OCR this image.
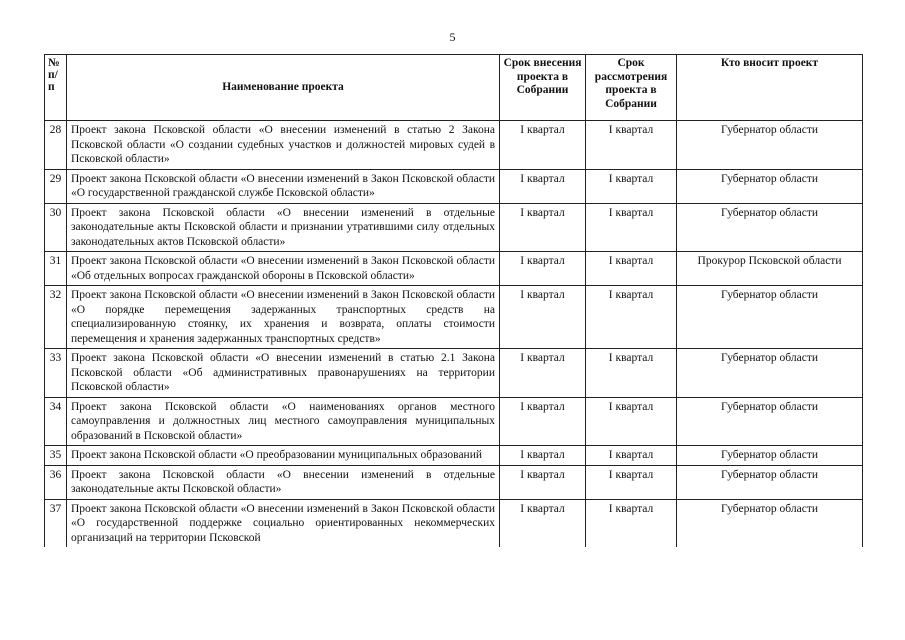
5
№ п/п	Наименование проекта	Срок внесения проекта в Собрании	Срок рассмотрения проекта в Собрании	Кто вносит проект
28	Проект закона Псковской области «О внесении изменений в статью 2 Закона Псковской области «О создании судебных участков и должностей мировых судей в Псковской области»	I квартал	I квартал	Губернатор области
29	Проект закона Псковской области «О внесении изменений в Закон Псковской области «О государственной гражданской службе Псковской области»	I квартал	I квартал	Губернатор области
30	Проект закона Псковской области «О внесении изменений в отдельные законодательные акты Псковской области и признании утратившими силу отдельных законодательных актов Псковской области»	I квартал	I квартал	Губернатор области
31	Проект закона Псковской области «О внесении изменений в Закон Псковской области «Об отдельных вопросах гражданской обороны в Псковской области»	I квартал	I квартал	Прокурор Псковской области
32	Проект закона Псковской области «О внесении изменений в Закон Псковской области «О порядке перемещения задержанных транспортных средств на специализированную стоянку, их хранения и возврата, оплаты стоимости перемещения и хранения задержанных транспортных средств»	I квартал	I квартал	Губернатор области
33	Проект закона Псковской области «О внесении изменений в статью 2.1 Закона Псковской области «Об административных правонарушениях на территории Псковской области»	I квартал	I квартал	Губернатор области
34	Проект закона Псковской области «О наименованиях органов местного самоуправления и должностных лиц местного самоуправления муниципальных образований в Псковской области»	I квартал	I квартал	Губернатор области
35	Проект закона Псковской области «О преобразовании муниципальных образований	I квартал	I квартал	Губернатор области
36	Проект закона Псковской области «О внесении изменений в отдельные законодательные акты Псковской области»	I квартал	I квартал	Губернатор области
37	Проект закона Псковской области «О внесении изменений в Закон Псковской области «О государственной поддержке социально ориентированных некоммерческих организаций на территории Псковской	I квартал	I квартал	Губернатор области
